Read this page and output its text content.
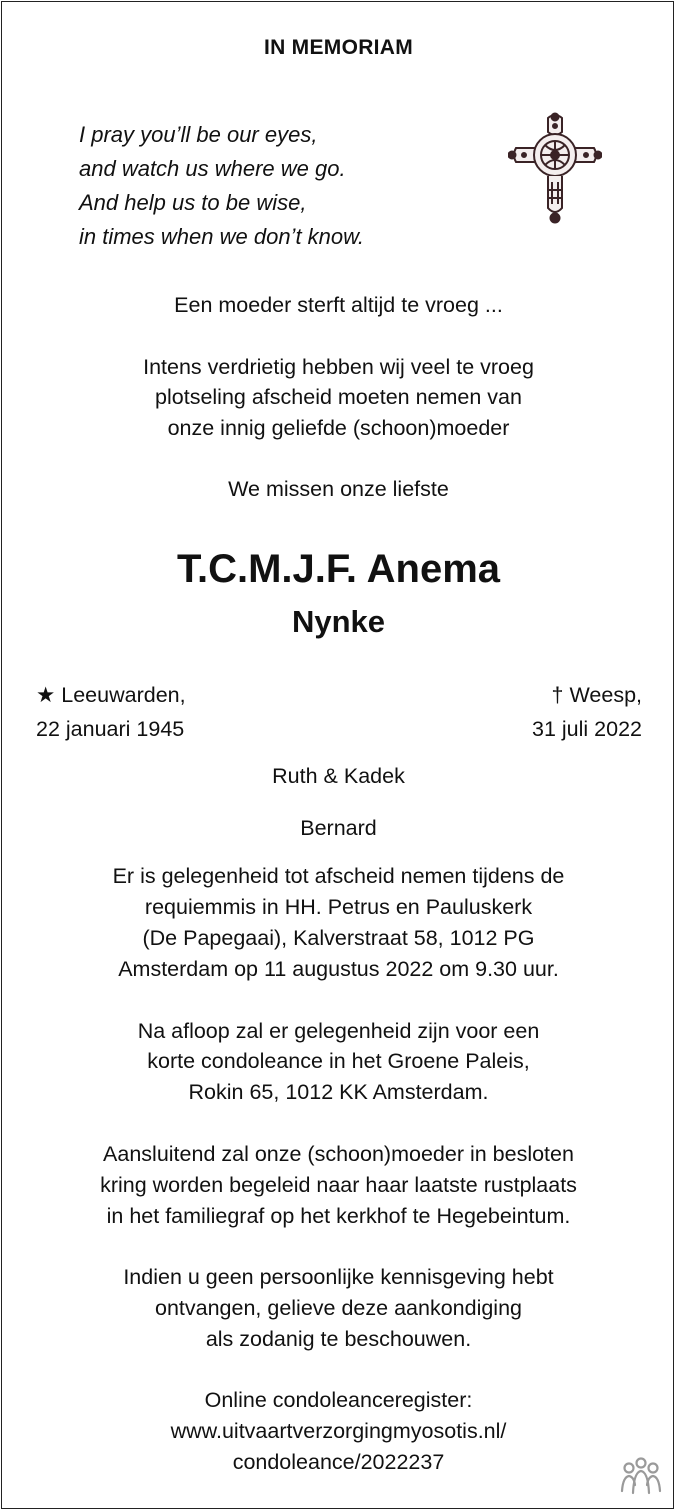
IN MEMORIAM
I pray you’ll be our eyes,
and watch us where we go.
And help us to be wise,
in times when we don’t know.
Een moeder sterft altijd te vroeg ...
Intens verdrietig hebben wij veel te vroeg
plotseling afscheid moeten nemen van
onze innig geliefde (schoon)moeder
We missen onze liefste
T.C.M.J.F. Anema
Nynke
★ Leeuwarden,
22 januari 1945
† Weesp,
31 juli 2022
Ruth & Kadek
Bernard
Er is gelegenheid tot afscheid nemen tijdens de
requiemmis in HH. Petrus en Pauluskerk
(De Papegaai), Kalverstraat 58, 1012 PG
Amsterdam op 11 augustus 2022 om 9.30 uur.
Na afloop zal er gelegenheid zijn voor een
korte condoleance in het Groene Paleis,
Rokin 65, 1012 KK Amsterdam.
Aansluitend zal onze (schoon)moeder in besloten
kring worden begeleid naar haar laatste rustplaats
in het familiegraf op het kerkhof te Hegebeintum.
Indien u geen persoonlijke kennisgeving hebt
ontvangen, gelieve deze aankondiging
als zodanig te beschouwen.
Online condoleanceregister:
www.uitvaartverzorgingmyosotis.nl/
condoleance/2022237
